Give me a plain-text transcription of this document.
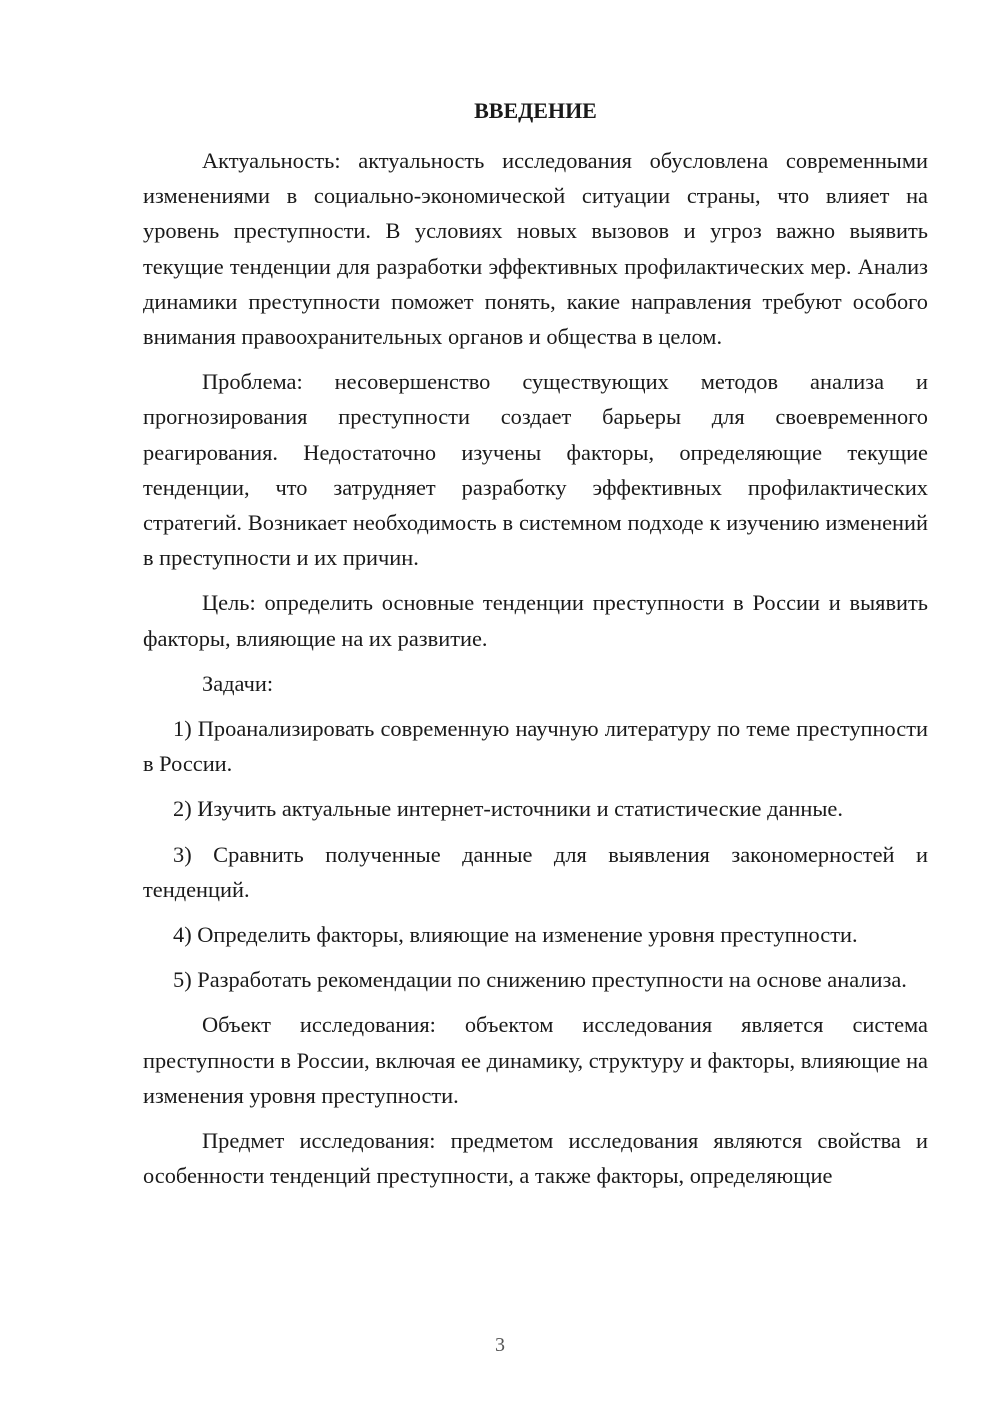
ВВЕДЕНИЕ

Актуальность: актуальность исследования обусловлена современными изменениями в социально-экономической ситуации страны, что влияет на уровень преступности. В условиях новых вызовов и угроз важно выявить текущие тенденции для разработки эффективных профилактических мер. Анализ динамики преступности поможет понять, какие направления требуют особого внимания правоохранительных органов и общества в целом.

Проблема: несовершенство существующих методов анализа и прогнозирования преступности создает барьеры для своевременного реагирования. Недостаточно изучены факторы, определяющие текущие тенденции, что затрудняет разработку эффективных профилактических стратегий. Возникает необходимость в системном подходе к изучению изменений в преступности и их причин.

Цель: определить основные тенденции преступности в России и выявить факторы, влияющие на их развитие.

Задачи:

1) Проанализировать современную научную литературу по теме преступности в России.

2) Изучить актуальные интернет-источники и статистические данные.

3) Сравнить полученные данные для выявления закономерностей и тенденций.

4) Определить факторы, влияющие на изменение уровня преступности.

5) Разработать рекомендации по снижению преступности на основе анализа.

Объект исследования: объектом исследования является система преступности в России, включая ее динамику, структуру и факторы, влияющие на изменения уровня преступности.

Предмет исследования: предметом исследования являются свойства и особенности тенденций преступности, а также факторы, определяющие

3
